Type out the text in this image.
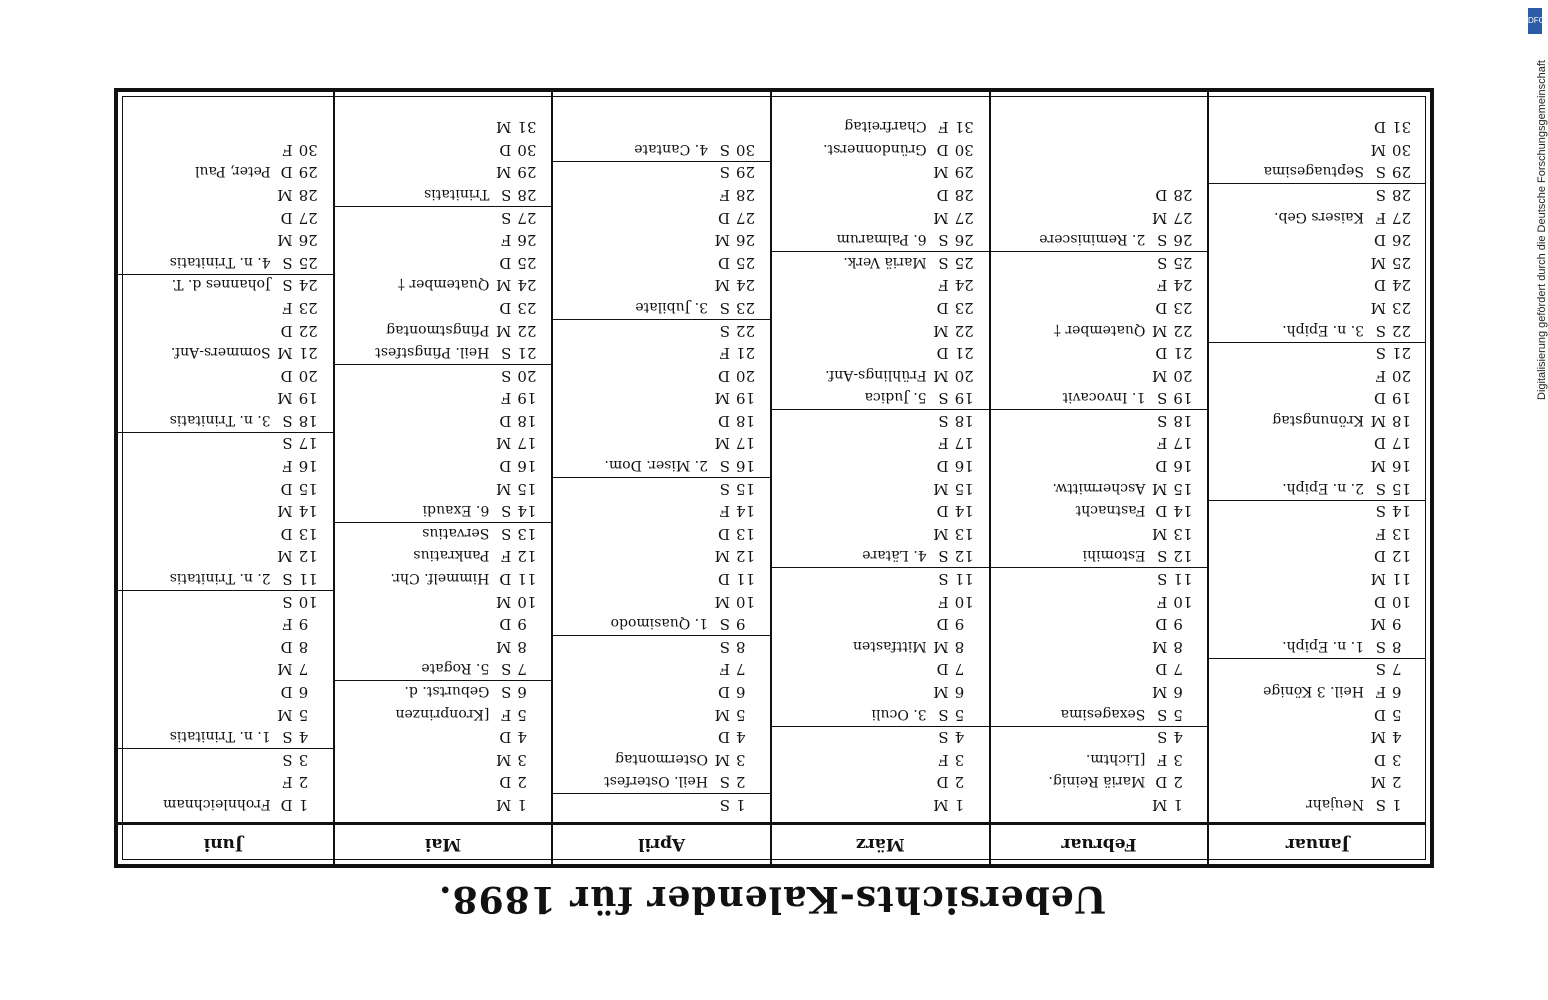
Uebersichts-Kalender für 1898.
Januar
1SNeujahr
2M
3D
4M
5D
6FHeil. 3 Könige
7S
8S1. n. Epiph.
9M
10D
11M
12D
13F
14S
15S2. n. Epiph.
16M
17D
18MKrönungstag
19D
20F
21S
22S3. n. Epiph.
23M
24D
25M
26D
27FKaisers Geb.
28S
29SSeptuagesima
30M
31D
Februar
1M
2DMariä Reinig.
3F[Lichtm.
4S
5SSexagesima
6M
7D
8M
9D
10F
11S
12SEstomihi
13M
14DFastnacht
15MAschermittw.
16D
17F
18S
19S1. Invocavit
20M
21D
22MQuatember †
23D
24F
25S
26S2. Reminiscere
27M
28D
März
1M
2D
3F
4S
5S3. Oculi
6M
7D
8MMittfasten
9D
10F
11S
12S4. Lätare
13M
14D
15M
16D
17F
18S
19S5. Judica
20MFrühlings-Anf.
21D
22M
23D
24F
25SMariä Verk.
26S6. Palmarum
27M
28D
29M
30DGründonnerst.
31FCharfreitag
April
1S
2SHeil. Osterfest
3MOstermontag
4D
5M
6D
7F
8S
9S1. Quasimodo
10M
11D
12M
13D
14F
15S
16S2. Miser. Dom.
17M
18D
19M
20D
21F
22S
23S3. Jubilate
24M
25D
26M
27D
28F
29S
30S4. Cantate
Mai
1M
2D
3M
4D
5F[Kronprinzen
6SGeburtst. d.
7S5. Rogate
8M
9D
10M
11DHimmelf. Chr.
12FPankratius
13SServatius
14S6. Exaudi
15M
16D
17M
18D
19F
20S
21SHeil. Pfingstfest
22MPfingstmontag
23D
24MQuatember †
25D
26F
27S
28STrinitatis
29M
30D
31M
Juni
1DFrohnleichnam
2F
3S
4S1. n. Trinitatis
5M
6D
7M
8D
9F
10S
11S2. n. Trinitatis
12M
13D
14M
15D
16F
17S
18S3. n. Trinitatis
19M
20D
21MSommers-Anf.
22D
23F
24SJohannes d. T.
25S4. n. Trinitatis
26M
27D
28M
29DPeter, Paul
30F
DFG
Digitalisierung gefördert durch die Deutsche Forschungsgemeinschaft
